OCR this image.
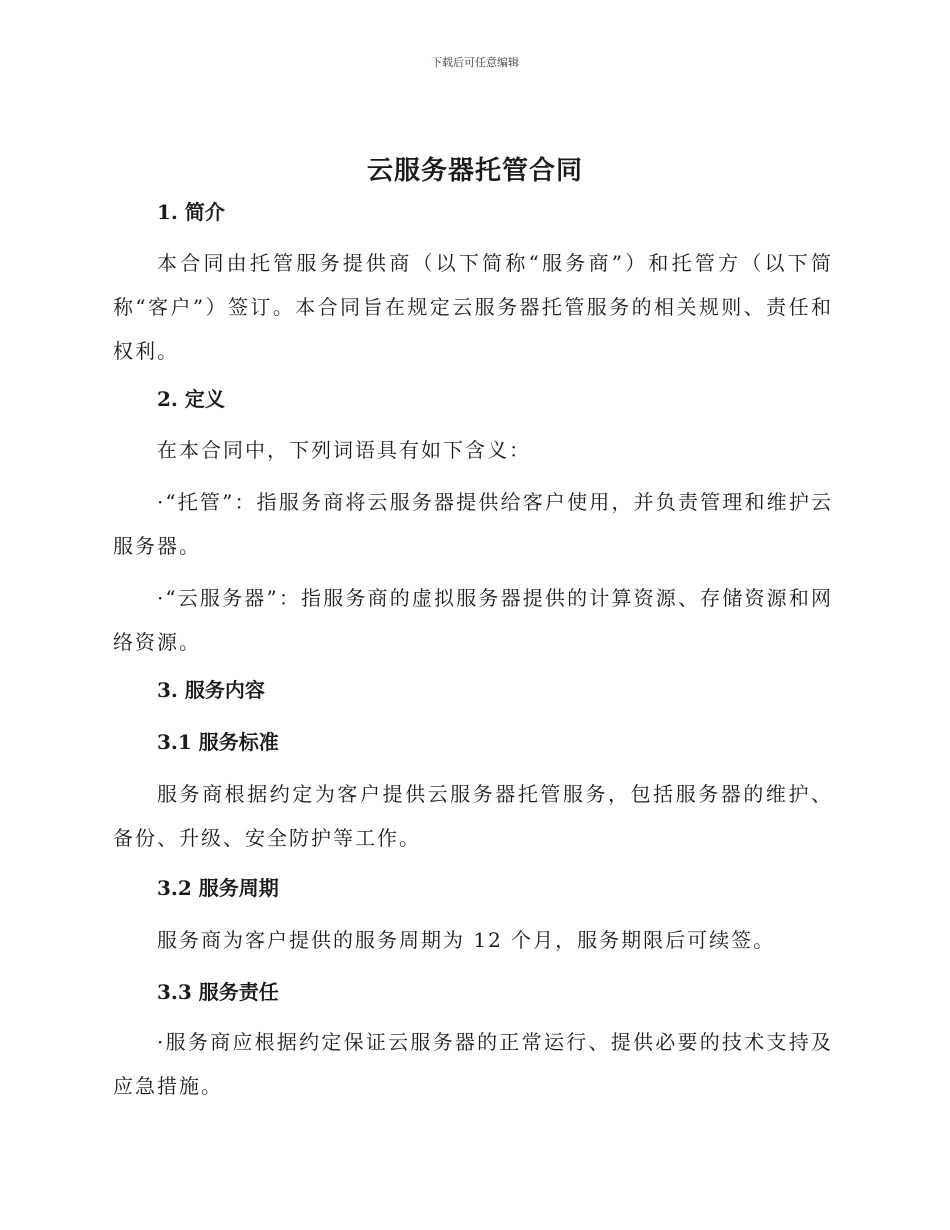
下载后可任意编辑
云服务器托管合同
1. 简介
本合同由托管服务提供商（以下简称“服务商”）和托管方（以下简称“客户”）签订。本合同旨在规定云服务器托管服务的相关规则、责任和权利。
2. 定义
在本合同中，下列词语具有如下含义：
·“托管”：指服务商将云服务器提供给客户使用，并负责管理和维护云服务器。
·“云服务器”：指服务商的虚拟服务器提供的计算资源、存储资源和网络资源。
3. 服务内容
3.1 服务标准
服务商根据约定为客户提供云服务器托管服务，包括服务器的维护、备份、升级、安全防护等工作。
3.2 服务周期
服务商为客户提供的服务周期为 12 个月，服务期限后可续签。
3.3 服务责任
·服务商应根据约定保证云服务器的正常运行、提供必要的技术支持及应急措施。
